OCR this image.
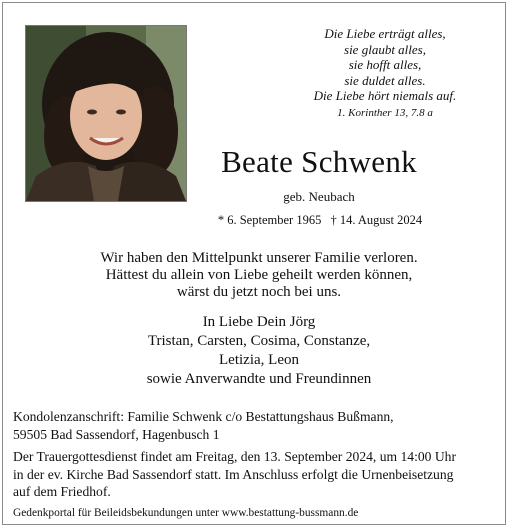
Die Liebe erträgt alles,
sie glaubt alles,
sie hofft alles,
sie duldet alles.
Die Liebe hört niemals auf.
1. Korinther 13, 7.8 a
Beate Schwenk
geb. Neubach
* 6. September 1965 † 14. August 2024
Wir haben den Mittelpunkt unserer Familie verloren.
Hättest du allein von Liebe geheilt werden können,
wärst du jetzt noch bei uns.
In Liebe Dein Jörg
Tristan, Carsten, Cosima, Constanze,
Letizia, Leon
sowie Anverwandte und Freundinnen
Kondolenzanschrift: Familie Schwenk c/o Bestattungshaus Bußmann,
59505 Bad Sassendorf, Hagenbusch 1
Der Trauergottesdienst findet am Freitag, den 13. September 2024, um 14:00 Uhr
in der ev. Kirche Bad Sassendorf statt. Im Anschluss erfolgt die Urnenbeisetzung
auf dem Friedhof.
Gedenkportal für Beileidsbekundungen unter www.bestattung-bussmann.de
